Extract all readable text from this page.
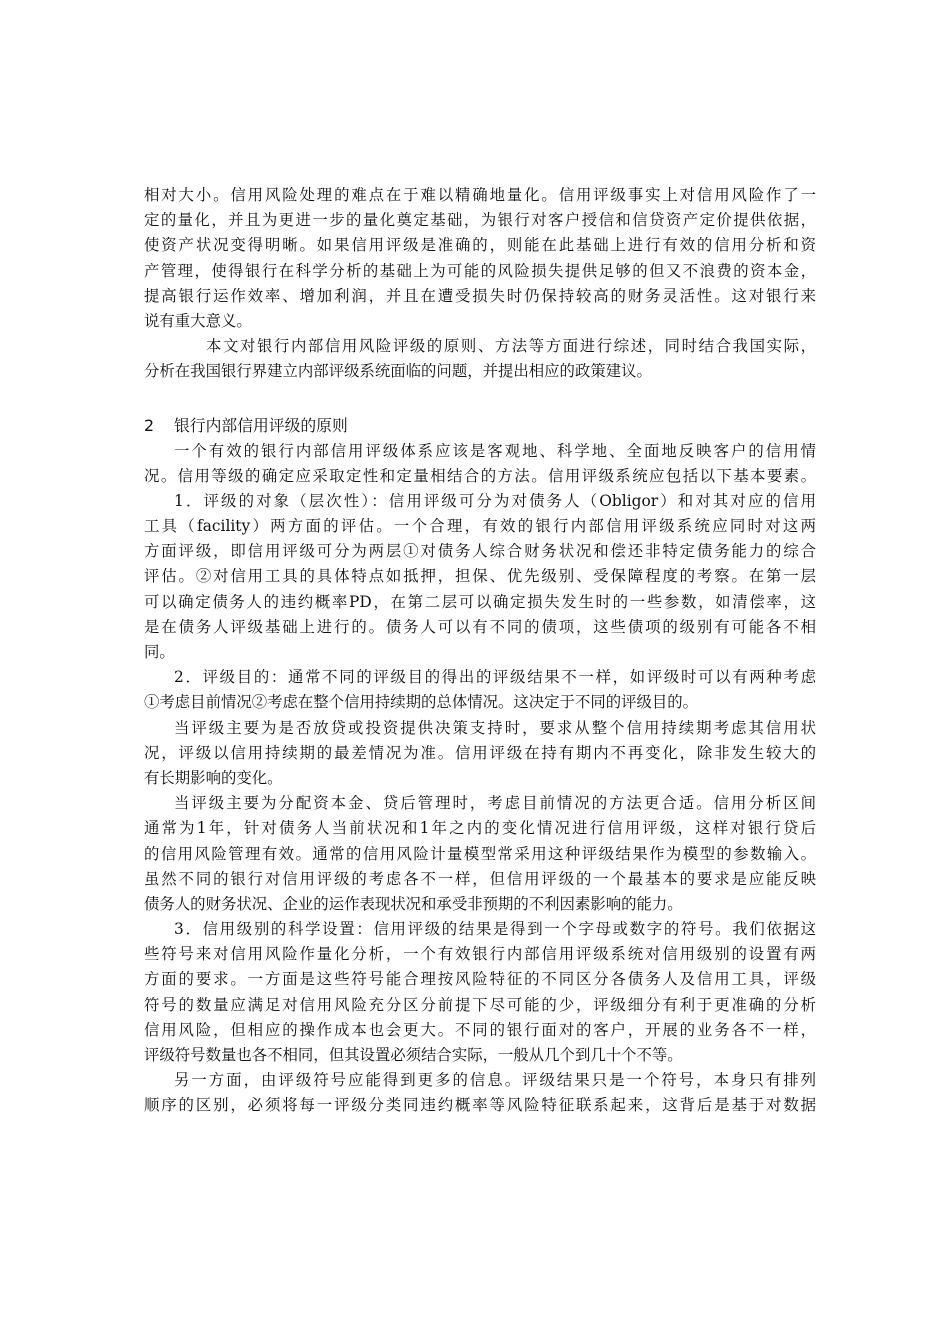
相对大小。信用风险处理的难点在于难以精确地量化。信用评级事实上对信用风险作了一
定的量化，并且为更进一步的量化奠定基础，为银行对客户授信和信贷资产定价提供依据，
使资产状况变得明晰。如果信用评级是准确的，则能在此基础上进行有效的信用分析和资
产管理，使得银行在科学分析的基础上为可能的风险损失提供足够的但又不浪费的资本金，
提高银行运作效率、增加利润，并且在遭受损失时仍保持较高的财务灵活性。这对银行来
说有重大意义。
本文对银行内部信用风险评级的原则、方法等方面进行综述，同时结合我国实际，
分析在我国银行界建立内部评级系统面临的问题，并提出相应的政策建议。
2 银行内部信用评级的原则
一个有效的银行内部信用评级体系应该是客观地、科学地、全面地反映客户的信用情
况。信用等级的确定应采取定性和定量相结合的方法。信用评级系统应包括以下基本要素。
1．评级的对象（层次性）：信用评级可分为对债务人（Obligor）和对其对应的信用
工具（facility）两方面的评估。一个合理，有效的银行内部信用评级系统应同时对这两
方面评级，即信用评级可分为两层①对债务人综合财务状况和偿还非特定债务能力的综合
评估。②对信用工具的具体特点如抵押，担保、优先级别、受保障程度的考察。在第一层
可以确定债务人的违约概率PD，在第二层可以确定损失发生时的一些参数，如清偿率，这
是在债务人评级基础上进行的。债务人可以有不同的债项，这些债项的级别有可能各不相
同。
2．评级目的：通常不同的评级目的得出的评级结果不一样，如评级时可以有两种考虑
①考虑目前情况②考虑在整个信用持续期的总体情况。这决定于不同的评级目的。
当评级主要为是否放贷或投资提供决策支持时，要求从整个信用持续期考虑其信用状
况，评级以信用持续期的最差情况为准。信用评级在持有期内不再变化，除非发生较大的
有长期影响的变化。
当评级主要为分配资本金、贷后管理时，考虑目前情况的方法更合适。信用分析区间
通常为1年，针对债务人当前状况和1年之内的变化情况进行信用评级，这样对银行贷后
的信用风险管理有效。通常的信用风险计量模型常采用这种评级结果作为模型的参数输入。
虽然不同的银行对信用评级的考虑各不一样，但信用评级的一个最基本的要求是应能反映
债务人的财务状况、企业的运作表现状况和承受非预期的不利因素影响的能力。
3．信用级别的科学设置：信用评级的结果是得到一个字母或数字的符号。我们依据这
些符号来对信用风险作量化分析，一个有效银行内部信用评级系统对信用级别的设置有两
方面的要求。一方面是这些符号能合理按风险特征的不同区分各债务人及信用工具，评级
符号的数量应满足对信用风险充分区分前提下尽可能的少，评级细分有利于更准确的分析
信用风险，但相应的操作成本也会更大。不同的银行面对的客户，开展的业务各不一样，
评级符号数量也各不相同，但其设置必须结合实际，一般从几个到几十个不等。
另一方面，由评级符号应能得到更多的信息。评级结果只是一个符号，本身只有排列
顺序的区别，必须将每一评级分类同违约概率等风险特征联系起来，这背后是基于对数据
